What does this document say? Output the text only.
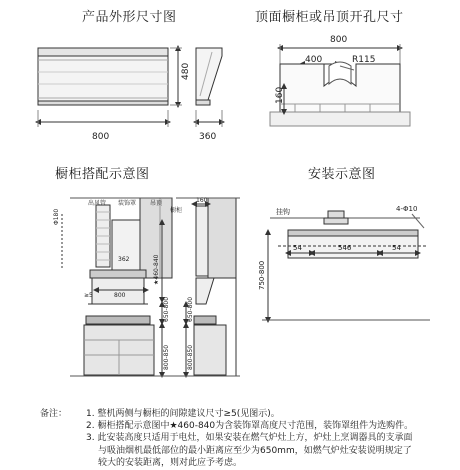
产品外形尺寸图	顶面橱柜或吊顶开孔尺寸
橱柜搭配示意图	安装示意图
800
480
360
800
400	R115
160
出风管 装饰罩 吊顶
橱柜
Φ180
362	★460-840
800
≥5
650-800
800-850
650-800
800-850
160
挂钩	4-Φ10
54	546	54
750-800
备注： 1. 整机两侧与橱柜的间隙建议尺寸≥5(见图示)。
2. 橱柜搭配示意图中★460-840为含装饰罩高度尺寸范围，装饰罩组件为选购件。
3. 此安装高度只适用于电灶，如果安装在燃气炉灶上方，炉灶上烹调器具的支承面
与吸油烟机最低部位的最小距离应至少为650mm，如燃气炉灶安装说明规定了
较大的安装距离，则对此应予考虑。
